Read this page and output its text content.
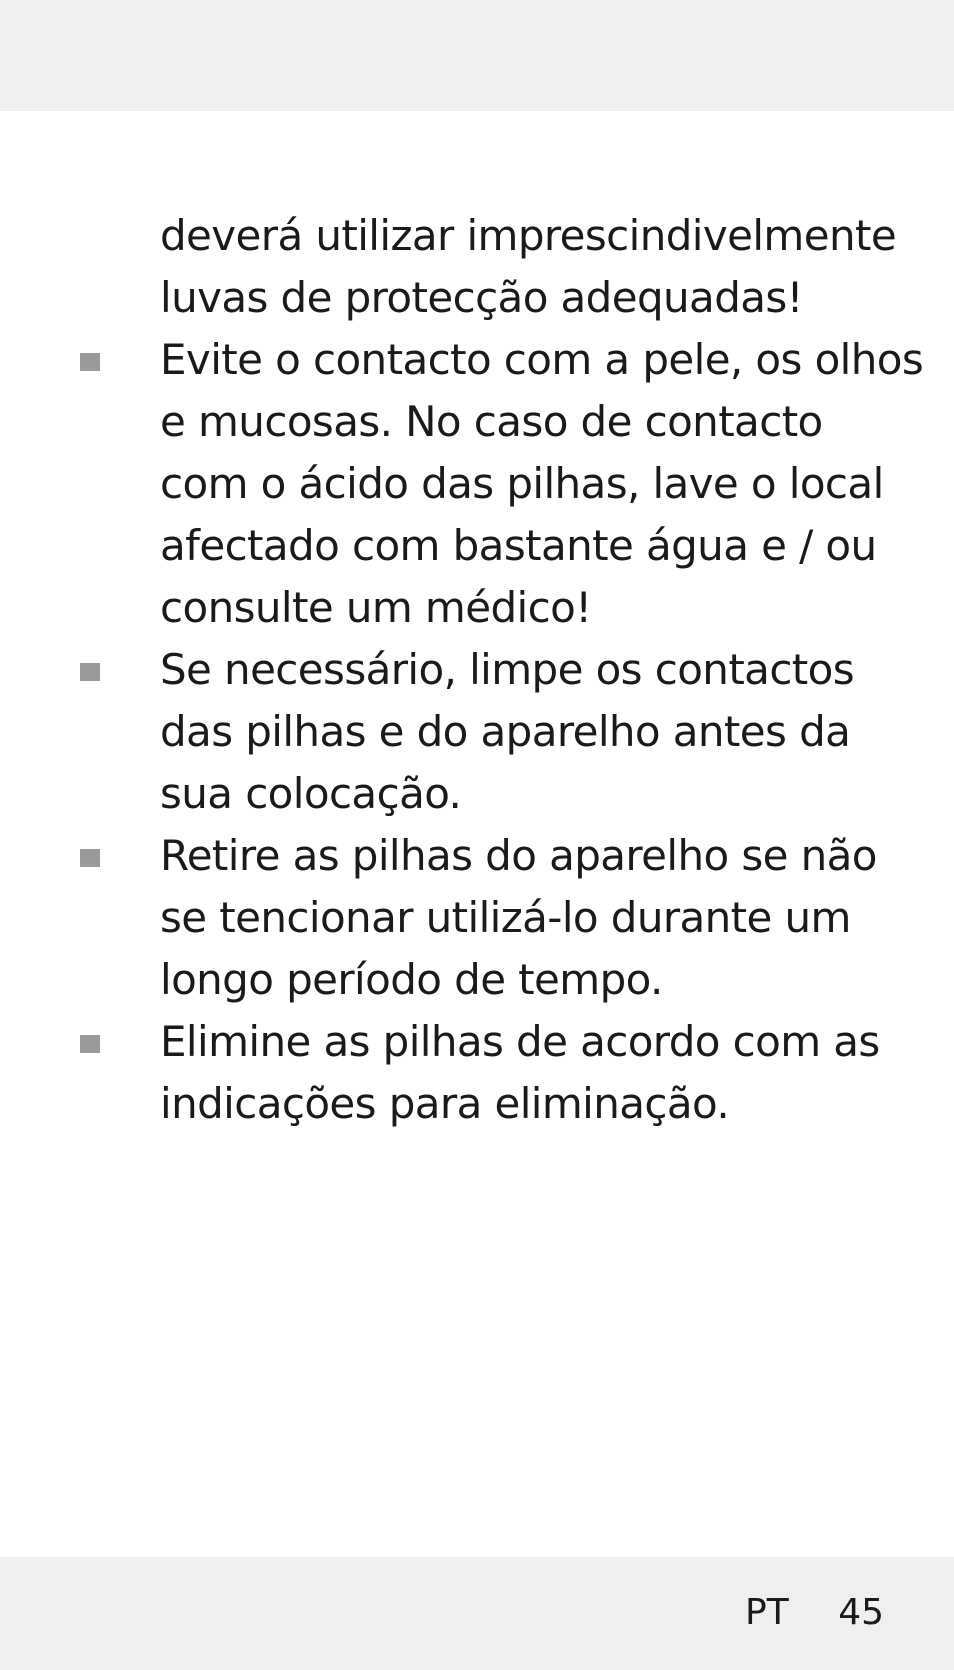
deverá utilizar imprescindivelmente
luvas de protecção adequadas!
Evite o contacto com a pele, os olhos
e mucosas. No caso de contacto
com o ácido das pilhas, lave o local
afectado com bastante água e / ou
consulte um médico!
Se necessário, limpe os contactos
das pilhas e do aparelho antes da
sua colocação.
Retire as pilhas do aparelho se não
se tencionar utilizá-lo durante um
longo período de tempo.
Elimine as pilhas de acordo com as
indicações para eliminação.
PT 45
